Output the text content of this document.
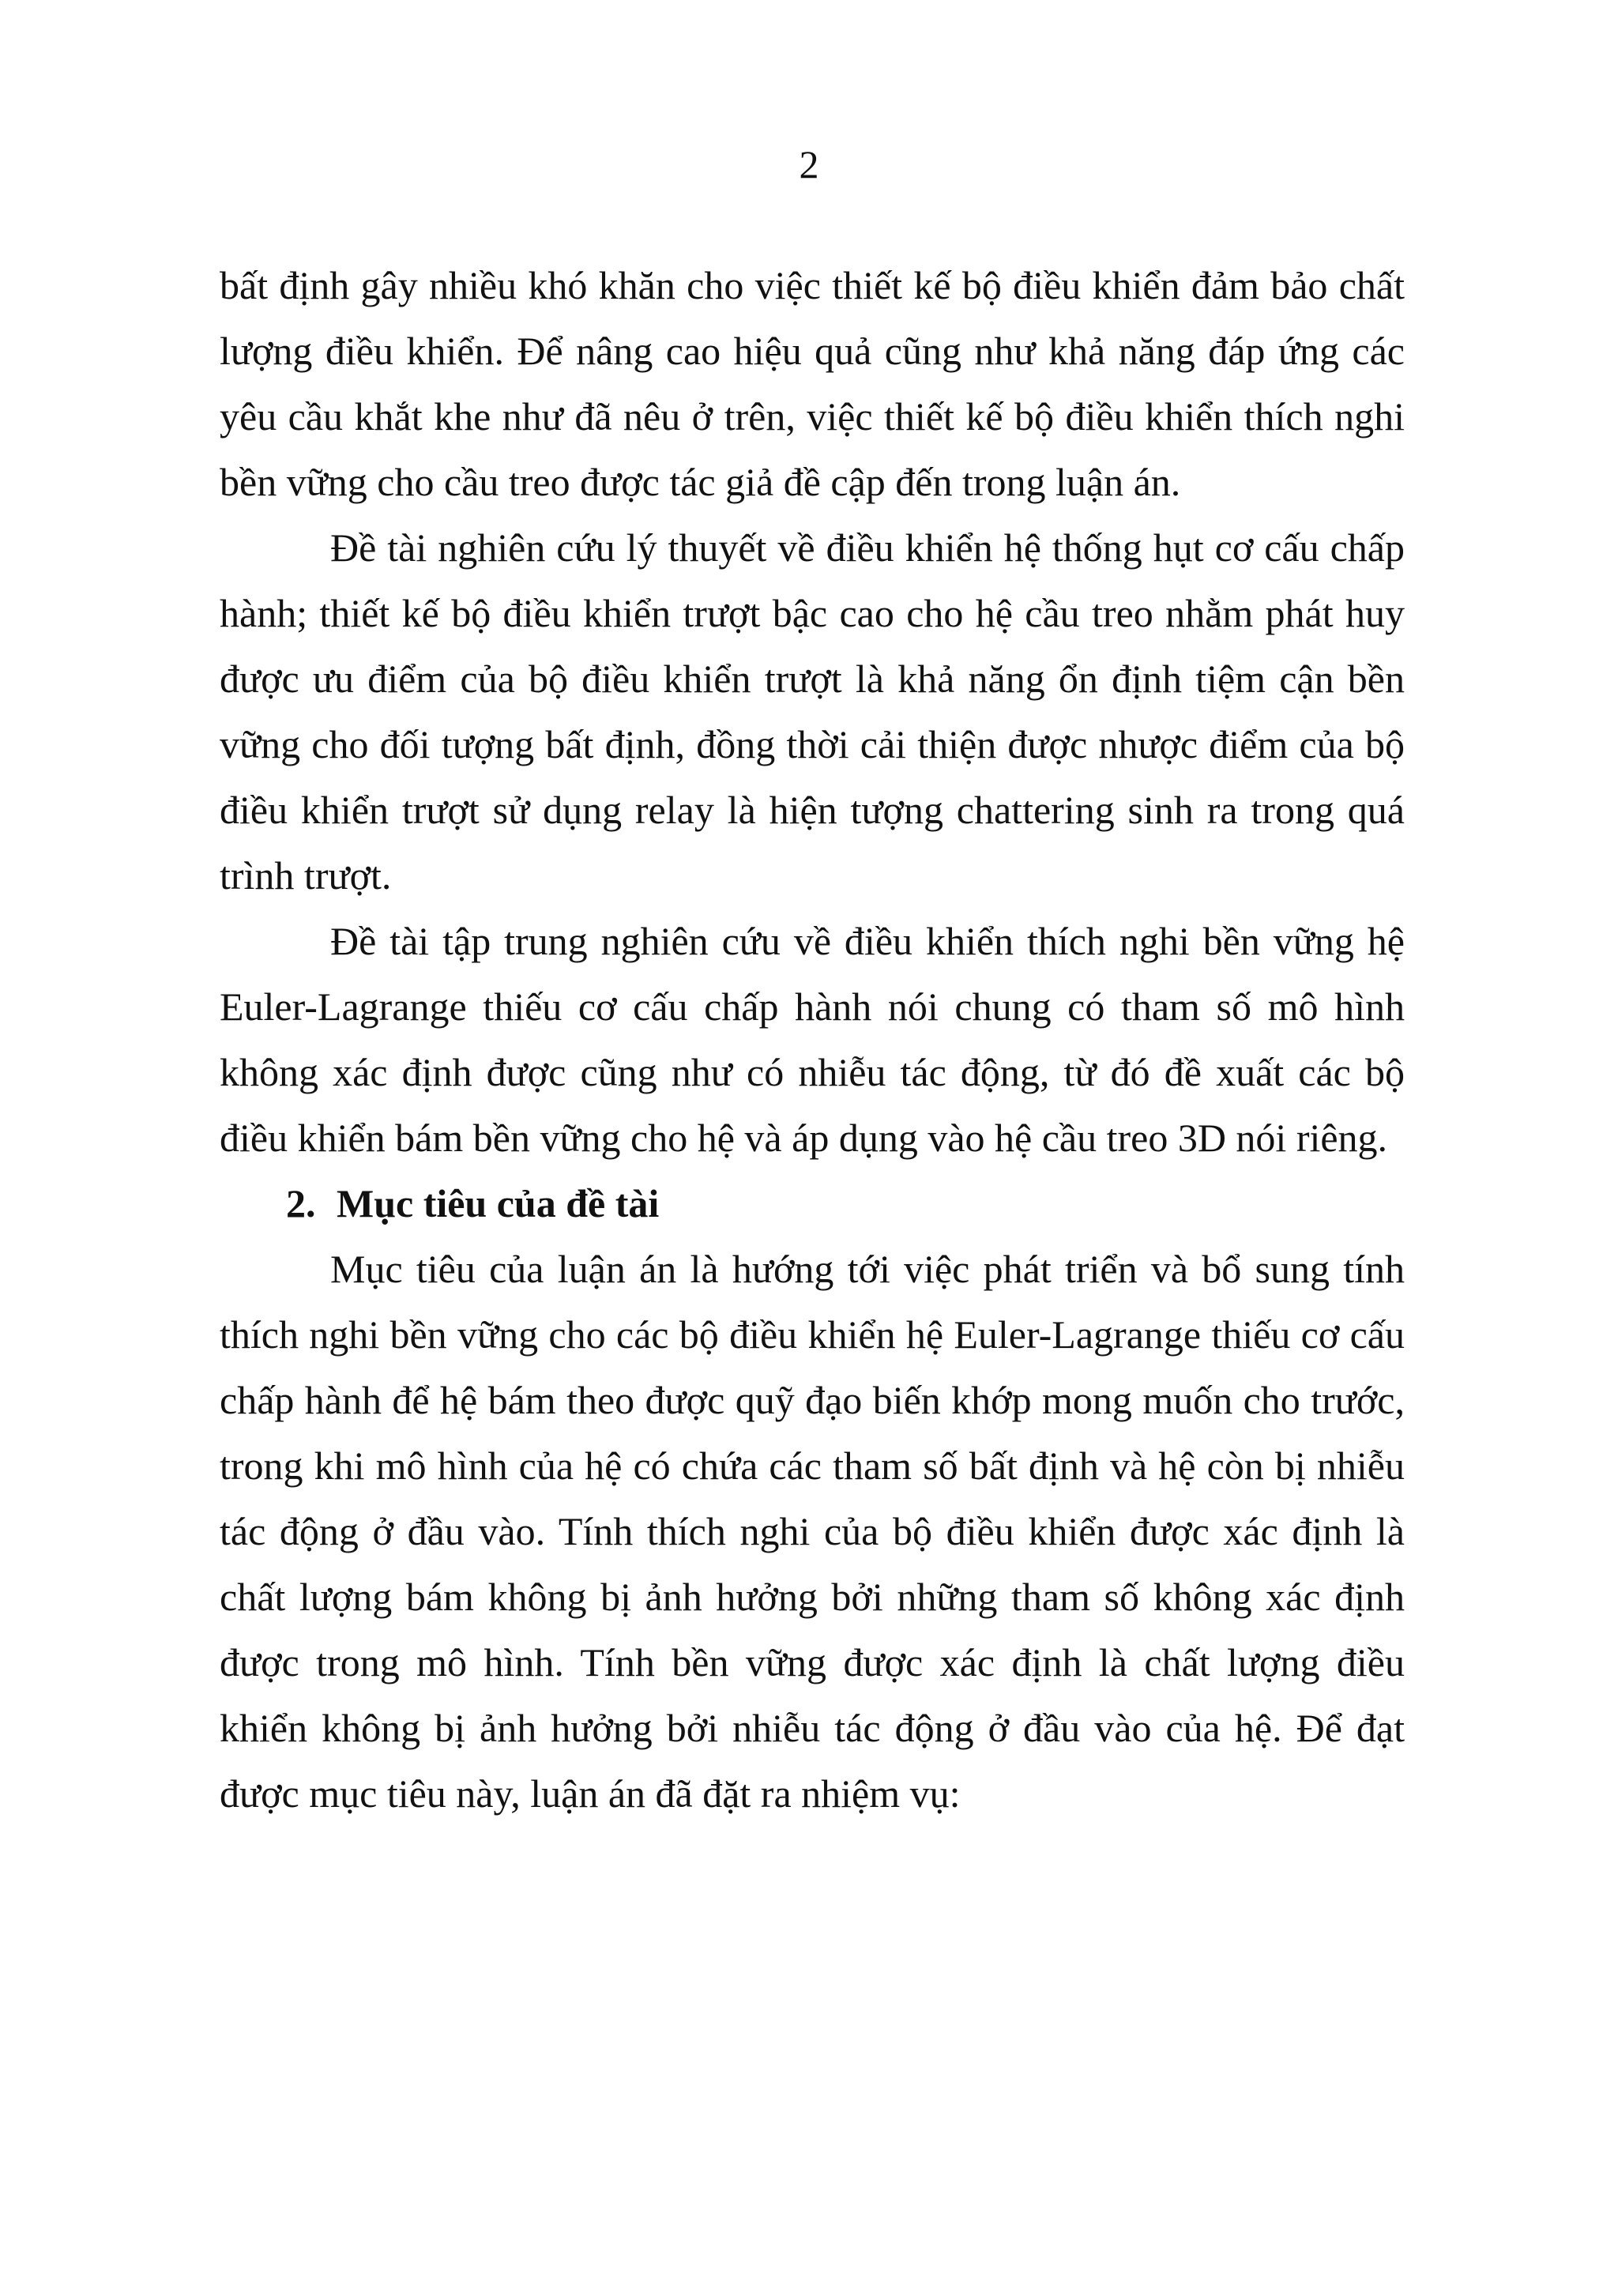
2

bất định gây nhiều khó khăn cho việc thiết kế bộ điều khiển đảm bảo chất lượng điều khiển. Để nâng cao hiệu quả cũng như khả năng đáp ứng các yêu cầu khắt khe như đã nêu ở trên, việc thiết kế bộ điều khiển thích nghi bền vững cho cầu treo được tác giả đề cập đến trong luận án.

Đề tài nghiên cứu lý thuyết về điều khiển hệ thống hụt cơ cấu chấp hành; thiết kế bộ điều khiển trượt bậc cao cho hệ cầu treo nhằm phát huy được ưu điểm của bộ điều khiển trượt là khả năng ổn định tiệm cận bền vững cho đối tượng bất định, đồng thời cải thiện được nhược điểm của bộ điều khiển trượt sử dụng relay là hiện tượng chattering sinh ra trong quá trình trượt.

Đề tài tập trung nghiên cứu về điều khiển thích nghi bền vững hệ Euler-Lagrange thiếu cơ cấu chấp hành nói chung có tham số mô hình không xác định được cũng như có nhiễu tác động, từ đó đề xuất các bộ điều khiển bám bền vững cho hệ và áp dụng vào hệ cầu treo 3D nói riêng.

2. Mục tiêu của đề tài

Mục tiêu của luận án là hướng tới việc phát triển và bổ sung tính thích nghi bền vững cho các bộ điều khiển hệ Euler-Lagrange thiếu cơ cấu chấp hành để hệ bám theo được quỹ đạo biến khớp mong muốn cho trước, trong khi mô hình của hệ có chứa các tham số bất định và hệ còn bị nhiễu tác động ở đầu vào. Tính thích nghi của bộ điều khiển được xác định là chất lượng bám không bị ảnh hưởng bởi những tham số không xác định được trong mô hình. Tính bền vững được xác định là chất lượng điều khiển không bị ảnh hưởng bởi nhiễu tác động ở đầu vào của hệ. Để đạt được mục tiêu này, luận án đã đặt ra nhiệm vụ:
